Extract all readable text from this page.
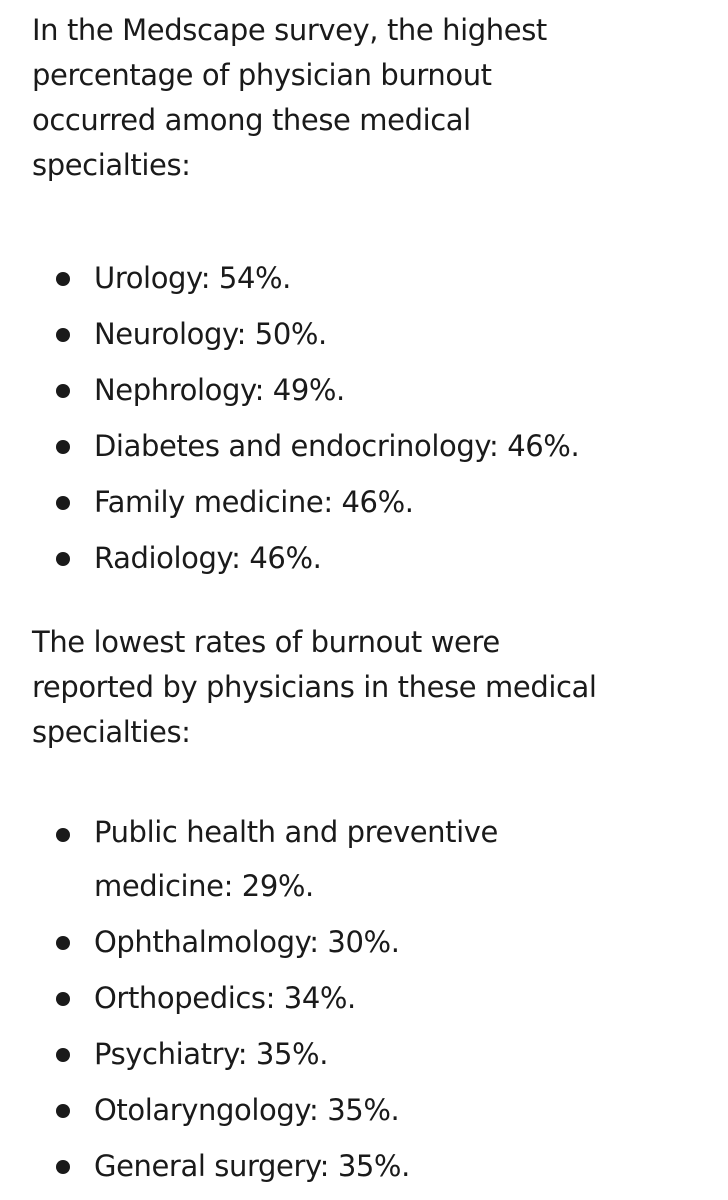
In the Medscape survey, the highest
percentage of physician burnout
occurred among these medical
specialties:

Urology: 54%.
Neurology: 50%.
Nephrology: 49%.
Diabetes and endocrinology: 46%.
Family medicine: 46%.
Radiology: 46%.

The lowest rates of burnout were
reported by physicians in these medical
specialties:

Public health and preventive
medicine: 29%.
Ophthalmology: 30%.
Orthopedics: 34%.
Psychiatry: 35%.
Otolaryngology: 35%.
General surgery: 35%.
